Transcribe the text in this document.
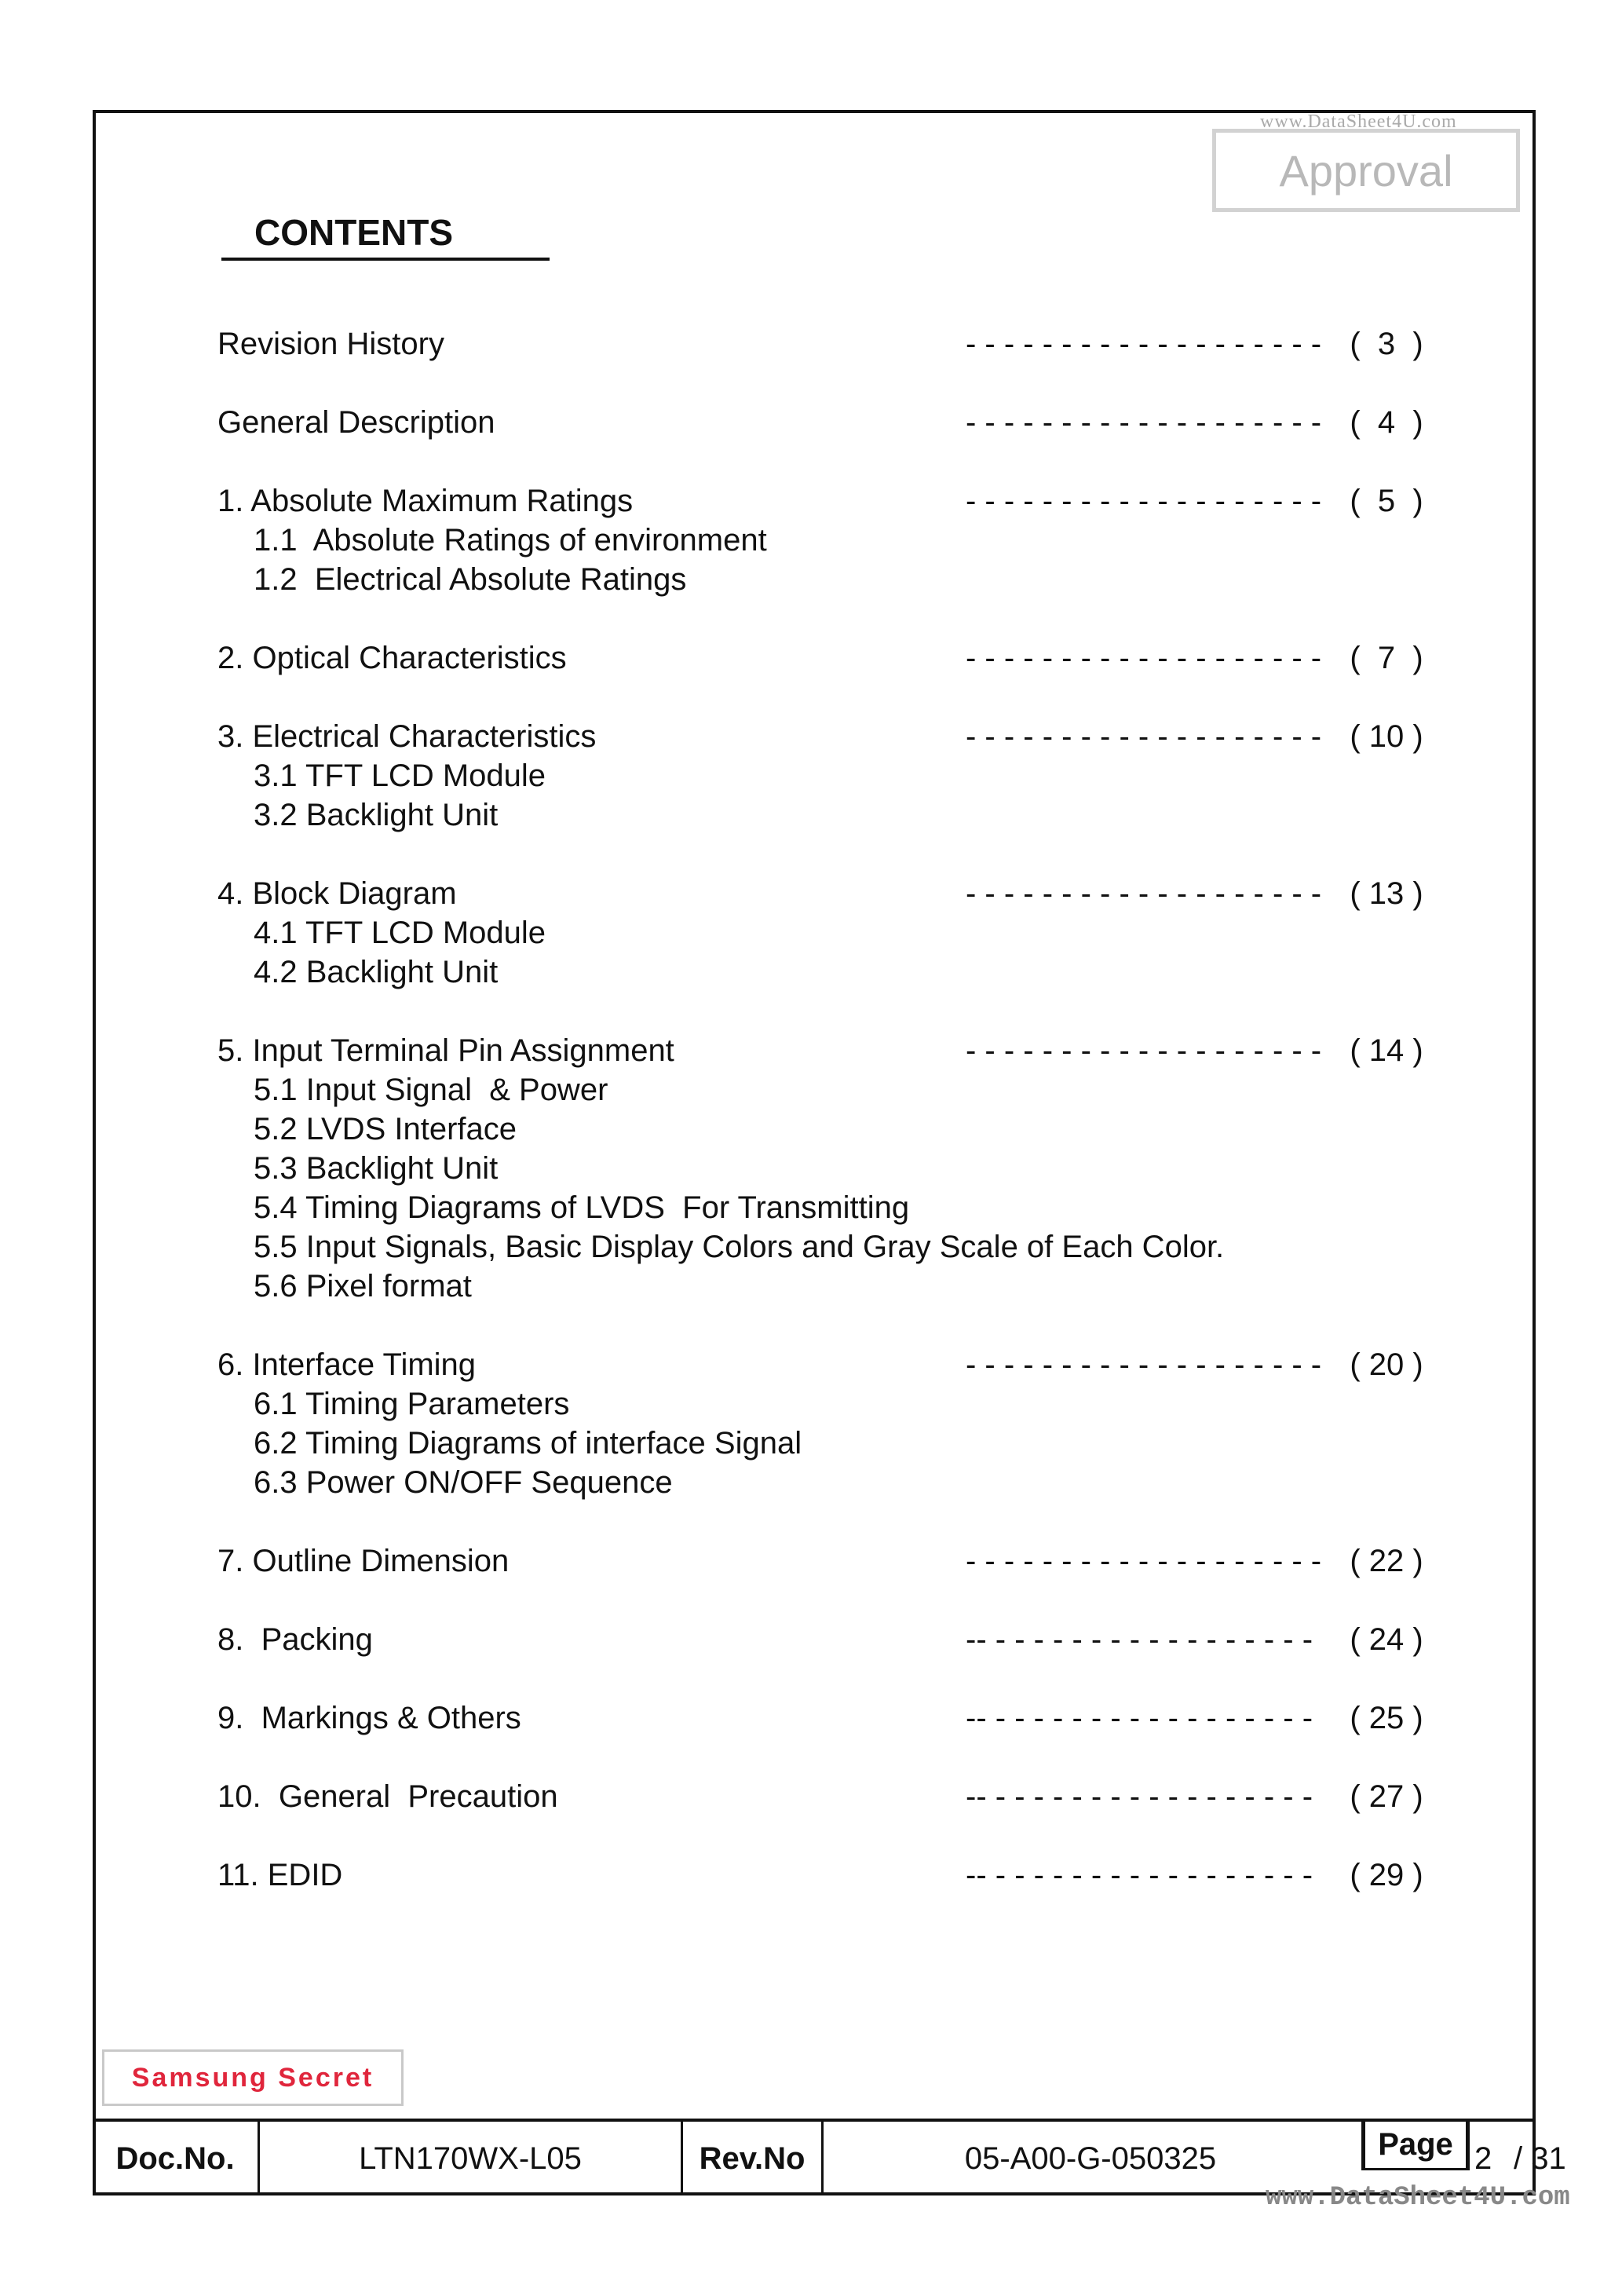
www.DataSheet4U.com
Approval
CONTENTS
Revision History	- - - - - - - - - - - - - - - - - - - (  3  )
General Description	- - - - - - - - - - - - - - - - - - - (  4  )
1. Absolute Maximum Ratings	- - - - - - - - - - - - - - - - - - - (  5  )
1.1  Absolute Ratings of environment
1.2  Electrical Absolute Ratings
2. Optical Characteristics	- - - - - - - - - - - - - - - - - - - (  7  )
3. Electrical Characteristics	- - - - - - - - - - - - - - - - - - - ( 10 )
3.1 TFT LCD Module
3.2 Backlight Unit
4. Block Diagram	- - - - - - - - - - - - - - - - - - - ( 13 )
4.1 TFT LCD Module
4.2 Backlight Unit
5. Input Terminal Pin Assignment	- - - - - - - - - - - - - - - - - - - ( 14 )
5.1 Input Signal  & Power
5.2 LVDS Interface
5.3 Backlight Unit
5.4 Timing Diagrams of LVDS  For Transmitting
5.5 Input Signals, Basic Display Colors and Gray Scale of Each Color.
5.6 Pixel format
6. Interface Timing	- - - - - - - - - - - - - - - - - - - ( 20 )
6.1 Timing Parameters
6.2 Timing Diagrams of interface Signal
6.3 Power ON/OFF Sequence
7. Outline Dimension	- - - - - - - - - - - - - - - - - - - ( 22 )
8.  Packing	-- - - - - - - - - - - - - - - - - - ( 24 )
9.  Markings & Others	-- - - - - - - - - - - - - - - - - - ( 25 )
10.  General  Precaution	-- - - - - - - - - - - - - - - - - - ( 27 )
11. EDID	-- - - - - - - - - - - - - - - - - - ( 29 )
Samsung Secret
Doc.No.	LTN170WX-L05	Rev.No	05-A00-G-050325	Page 2 / 31
www.DataSheet4U.com
